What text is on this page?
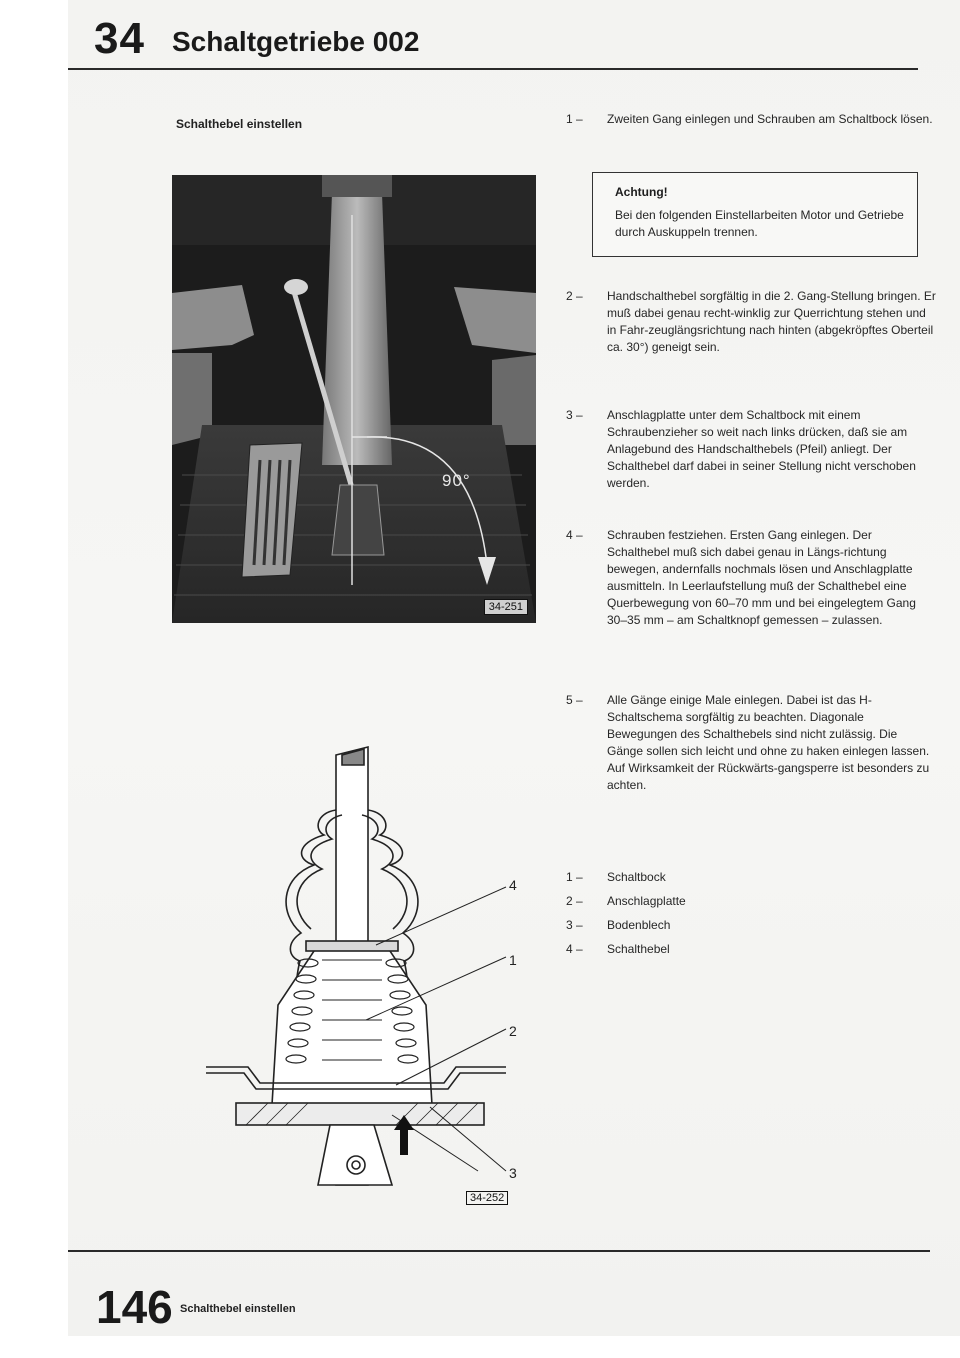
34 Schaltgetriebe 002
Schalthebel einstellen
90°
34-251
4
1
2
3
34-252
1 –	Zweiten Gang einlegen und Schrauben am Schaltbock lösen.
Achtung!
Bei den folgenden Einstellarbeiten Motor und Getriebe durch Auskuppeln trennen.
2 –	Handschalthebel sorgfältig in die 2. Gang-Stellung bringen. Er muß dabei genau recht-winklig zur Querrichtung stehen und in Fahr-zeuglängsrichtung nach hinten (abgekröpftes Oberteil ca. 30°) geneigt sein.
3 –	Anschlagplatte unter dem Schaltbock mit einem Schraubenzieher so weit nach links drücken, daß sie am Anlagebund des Handschalthebels (Pfeil) anliegt. Der Schalthebel darf dabei in seiner Stellung nicht verschoben werden.
4 –	Schrauben festziehen. Ersten Gang einlegen. Der Schalthebel muß sich dabei genau in Längs-richtung bewegen, andernfalls nochmals lösen und Anschlagplatte ausmitteln. In Leerlaufstellung muß der Schalthebel eine Querbewegung von 60–70 mm und bei eingelegtem Gang 30–35 mm – am Schaltknopf gemessen – zulassen.
5 –	Alle Gänge einige Male einlegen. Dabei ist das H-Schaltschema sorgfältig zu beachten. Diagonale Bewegungen des Schalthebels sind nicht zulässig. Die Gänge sollen sich leicht und ohne zu haken einlegen lassen. Auf Wirksamkeit der Rückwärts-gangsperre ist besonders zu achten.
1 – Schaltbock
2 – Anschlagplatte
3 – Bodenblech
4 – Schalthebel
146 Schalthebel einstellen
